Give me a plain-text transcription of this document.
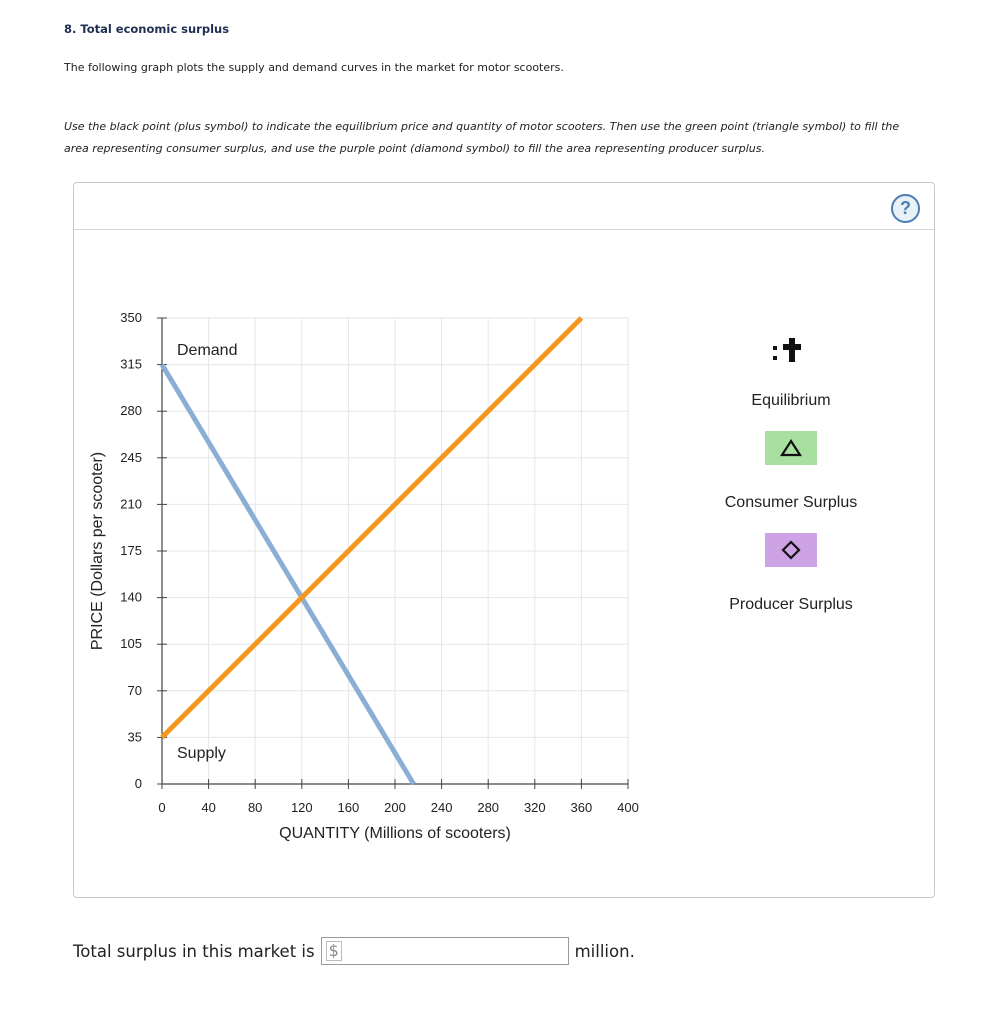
8. Total economic surplus
The following graph plots the supply and demand curves in the market for motor scooters.
Use the black point (plus symbol) to indicate the equilibrium price and quantity of motor scooters. Then use the green point (triangle symbol) to fill the area representing consumer surplus, and use the purple point (diamond symbol) to fill the area representing producer surplus.
?
0	40 80 120 160 200 240 280 320 360 400
0
35
70
105
140
175
210
245
280
315
350
Demand
Supply
QUANTITY (Millions of scooters)
PRICE (Dollars per scooter)
Equilibrium
Consumer Surplus
Producer Surplus
Total surplus in this market is $	million.
